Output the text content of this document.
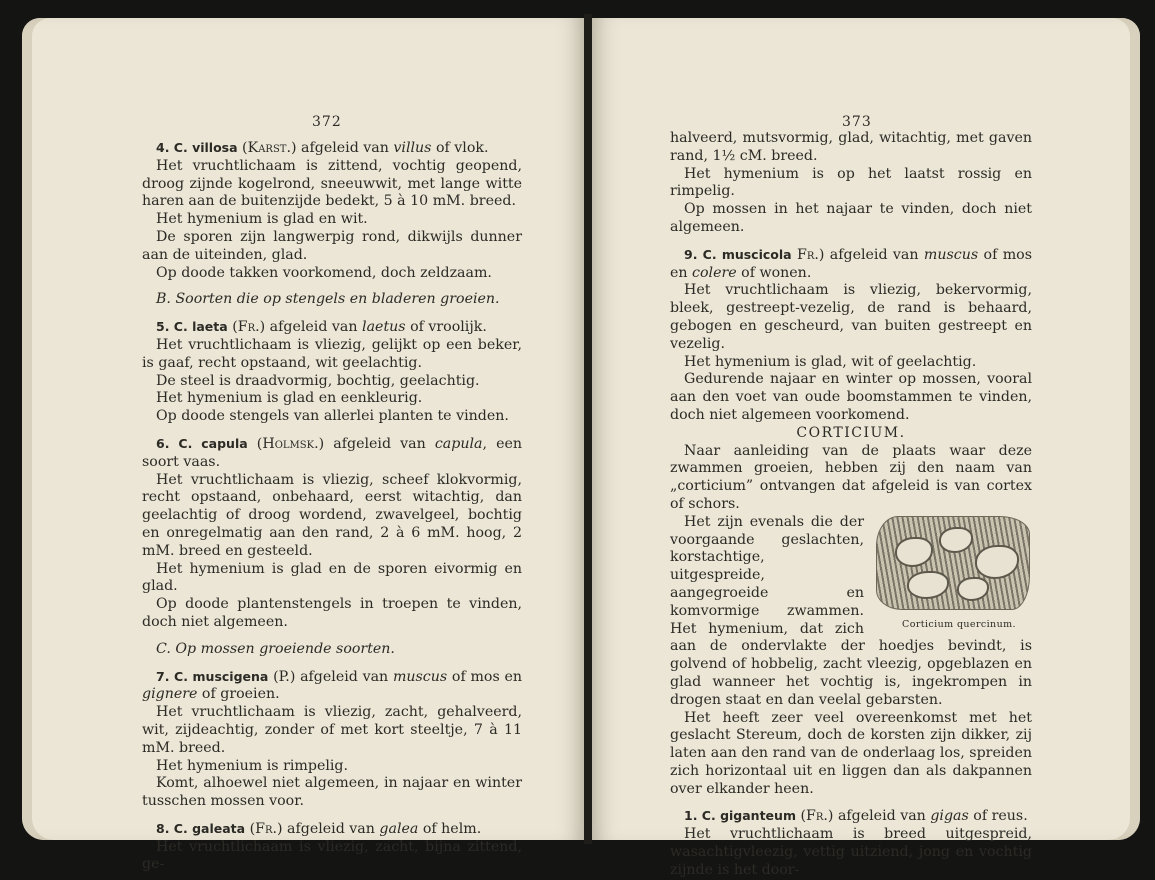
372

4. C. villosa (Karst.) afgeleid van villus of vlok.

Het vruchtlichaam is zittend, vochtig geopend, droog zijnde kogelrond, sneeuwwit, met lange witte haren aan de buitenzijde bedekt, 5 à 10 mM. breed.

Het hymenium is glad en wit.

De sporen zijn langwerpig rond, dikwijls dunner aan de uiteinden, glad.

Op doode takken voorkomend, doch zeldzaam.

B. Soorten die op stengels en bladeren groeien.

5. C. laeta (Fr.) afgeleid van laetus of vroolijk.

Het vruchtlichaam is vliezig, gelijkt op een beker, is gaaf, recht opstaand, wit geelachtig.

De steel is draadvormig, bochtig, geelachtig.

Het hymenium is glad en eenkleurig.

Op doode stengels van allerlei planten te vinden.

6. C. capula (Holmsk.) afgeleid van capula, een soort vaas.

Het vruchtlichaam is vliezig, scheef klokvormig, recht opstaand, onbehaard, eerst witachtig, dan geelachtig of droog wordend, zwavelgeel, bochtig en onregelmatig aan den rand, 2 à 6 mM. hoog, 2 mM. breed en gesteeld.

Het hymenium is glad en de sporen eivormig en glad.

Op doode plantenstengels in troepen te vinden, doch niet algemeen.

C. Op mossen groeiende soorten.

7. C. muscigena (P.) afgeleid van muscus of mos en gignere of groeien.

Het vruchtlichaam is vliezig, zacht, gehalveerd, wit, zijdeachtig, zonder of met kort steeltje, 7 à 11 mM. breed.

Het hymenium is rimpelig.

Komt, alhoewel niet algemeen, in najaar en winter tusschen mossen voor.

8. C. galeata (Fr.) afgeleid van galea of helm.

Het vruchtlichaam is vliezig, zacht, bijna zittend, ge-

373

halveerd, mutsvormig, glad, witachtig, met gaven rand, 1½ cM. breed.

Het hymenium is op het laatst rossig en rimpelig.

Op mossen in het najaar te vinden, doch niet algemeen.

9. C. muscicola Fr.) afgeleid van muscus of mos en colere of wonen.

Het vruchtlichaam is vliezig, bekervormig, bleek, gestreept-vezelig, de rand is behaard, gebogen en gescheurd, van buiten gestreept en vezelig.

Het hymenium is glad, wit of geelachtig.

Gedurende najaar en winter op mossen, vooral aan den voet van oude boomstammen te vinden, doch niet algemeen voorkomend.

CORTICIUM.

Naar aanleiding van de plaats waar deze zwammen groeien, hebben zij den naam van „corticium” ontvangen dat afgeleid is van cortex of schors.

Corticium quercinum.
Het zijn evenals die der voorgaande geslachten, korstachtige, uitgespreide, aangegroeide en komvormige zwammen. Het hymenium, dat zich aan de ondervlakte der hoedjes bevindt, is golvend of hobbelig, zacht vleezig, opgeblazen en glad wanneer het vochtig is, ingekrompen in drogen staat en dan veelal gebarsten.

Het heeft zeer veel overeenkomst met het geslacht Stereum, doch de korsten zijn dikker, zij laten aan den rand van de onderlaag los, spreiden zich horizontaal uit en liggen dan als dakpannen over elkander heen.

1. C. giganteum (Fr.) afgeleid van gigas of reus.

Het vruchtlichaam is breed uitgespreid, wasachtigvleezig, vettig uitziend, jong en vochtig zijnde is het door-
